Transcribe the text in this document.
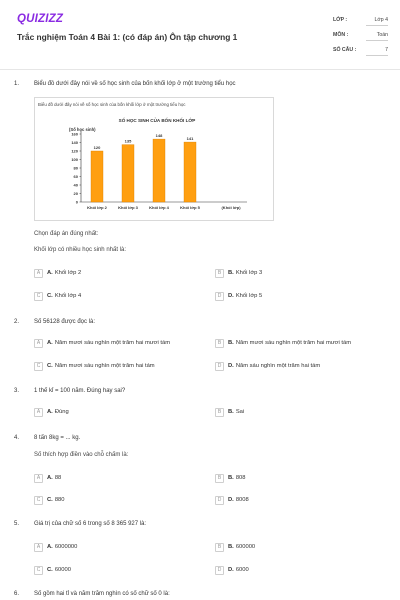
QUIZIZZ
Trắc nghiệm Toán 4 Bài 1: (có đáp án) Ôn tập chương 1
LỚP :	Lớp 4
MÔN :	Toán
SỐ CÂU :	7
1. Biểu đồ dưới đây nói về số học sinh của bốn khối lớp ở một trường tiểu học
Biểu đồ dưới đây nói về số học sinh của bốn khối lớp ở một trường tiểu học
SỐ HỌC SINH CỦA BỐN KHỐI LỚP
(Số học sinh)
0
20
40
60
80
100
120
140
160
120
Khối lớp 2
135
Khối lớp 3
148
Khối lớp 4
141
Khối lớp 5	(Khối lớp)
Chọn đáp án đúng nhất:
Khối lớp có nhiều học sinh nhất là:
A	A. Khối lớp 2	B	B. Khối lớp 3
C	C. Khối lớp 4	D	D. Khối lớp 5
2. Số 56128 được đọc là:
A	A. Năm mươi sáu nghìn một trăm hai mươi tám	B	B. Năm mươi sáu nghìn một trăm hai mươi tám
C	C. Năm mươi sáu nghìn một trăm hai tám	D	D. Năm sáu nghìn một trăm hai tám
3. 1 thế kỉ = 100 năm. Đúng hay sai?
A	A. Đúng	B	B. Sai
4. 8 tấn 8kg = ... kg.
Số thích hợp điền vào chỗ chấm là:
A	A. 88	B	B. 808
C	C. 880	D	D. 8008
5. Giá trị của chữ số 6 trong số 8 365 927 là:
A	A. 6000000	B	B. 600000
C	C. 60000	D	D. 6000
6. Số gồm hai tỉ và năm trăm nghìn có số chữ số 0 là:
